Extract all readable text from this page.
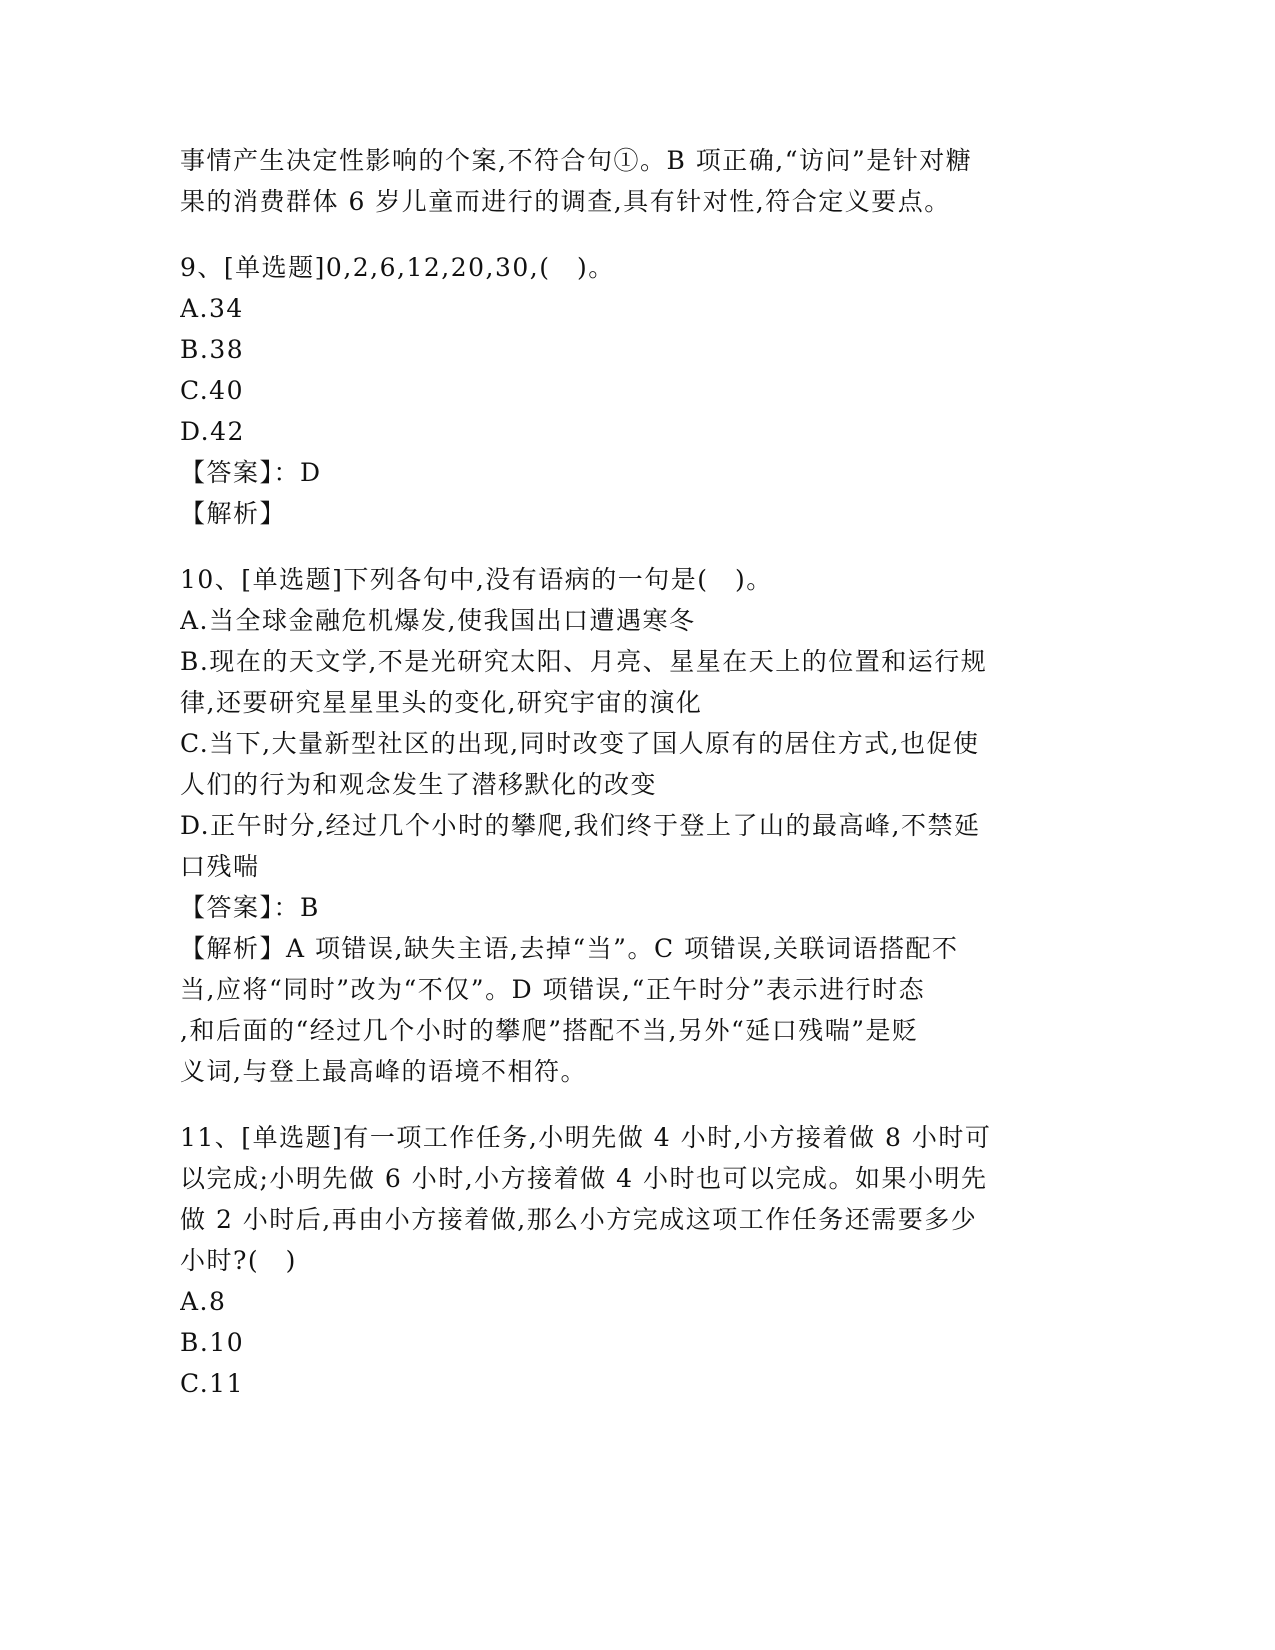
事情产生决定性影响的个案,不符合句①。B 项正确,“访问”是针对糖
果的消费群体 6 岁儿童而进行的调查,具有针对性,符合定义要点。
9、[单选题]0,2,6,12,20,30,(　)。
A.34
B.38
C.40
D.42
【答案】：D
【解析】
10、[单选题]下列各句中,没有语病的一句是(　)。
A.当全球金融危机爆发,使我国出口遭遇寒冬
B.现在的天文学,不是光研究太阳、月亮、星星在天上的位置和运行规
律,还要研究星星里头的变化,研究宇宙的演化
C.当下,大量新型社区的出现,同时改变了国人原有的居住方式,也促使
人们的行为和观念发生了潜移默化的改变
D.正午时分,经过几个小时的攀爬,我们终于登上了山的最高峰,不禁延
口残喘
【答案】：B
【解析】A 项错误,缺失主语,去掉“当”。C 项错误,关联词语搭配不
当,应将“同时”改为“不仅”。D 项错误,“正午时分”表示进行时态
,和后面的“经过几个小时的攀爬”搭配不当,另外“延口残喘”是贬
义词,与登上最高峰的语境不相符。
11、[单选题]有一项工作任务,小明先做 4 小时,小方接着做 8 小时可
以完成;小明先做 6 小时,小方接着做 4 小时也可以完成。如果小明先
做 2 小时后,再由小方接着做,那么小方完成这项工作任务还需要多少
小时?(　)
A.8
B.10
C.11
